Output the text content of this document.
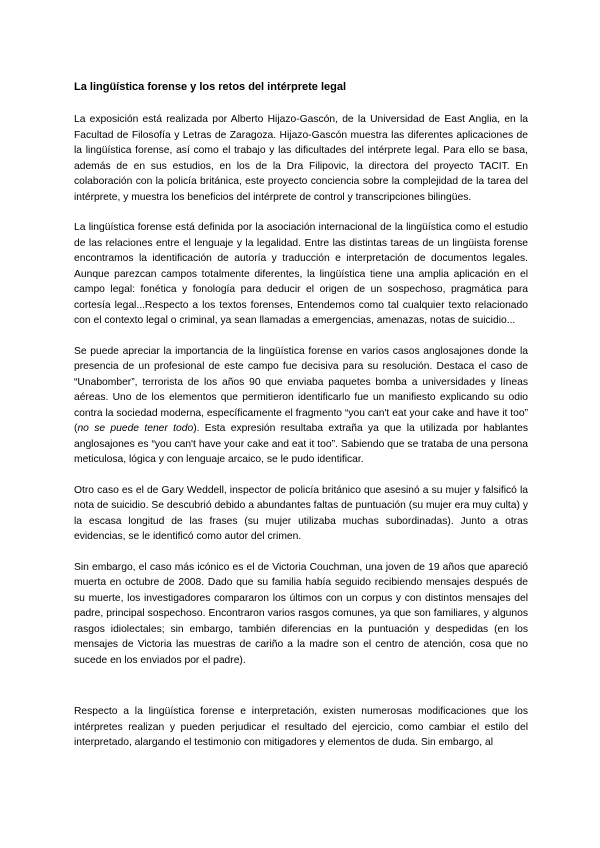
La lingüística forense y los retos del intérprete legal

La exposición está realizada por Alberto Hijazo-Gascón, de la Universidad de East Anglia, en la Facultad de Filosofía y Letras de Zaragoza. Hijazo-Gascón muestra las diferentes aplicaciones de la lingüística forense, así como el trabajo y las dificultades del intérprete legal. Para ello se basa, además de en sus estudios, en los de la Dra Filipovic, la directora del proyecto TACIT. En colaboración con la policía británica, este proyecto conciencia sobre la complejidad de la tarea del intérprete, y muestra los beneficios del intérprete de control y transcripciones bilingües.

La lingüística forense está definida por la asociación internacional de la lingüística como el estudio de las relaciones entre el lenguaje y la legalidad. Entre las distintas tareas de un lingüista forense encontramos la identificación de autoría y traducción e interpretación de documentos legales. Aunque parezcan campos totalmente diferentes, la lingüística tiene una amplia aplicación en el campo legal: fonética y fonología para deducir el origen de un sospechoso, pragmática para cortesía legal...Respecto a los textos forenses, Entendemos como tal cualquier texto relacionado con el contexto legal o criminal, ya sean llamadas a emergencias, amenazas, notas de suicidio...

Se puede apreciar la importancia de la lingüística forense en varios casos anglosajones donde la presencia de un profesional de este campo fue decisiva para su resolución. Destaca el caso de “Unabomber”, terrorista de los años 90 que enviaba paquetes bomba a universidades y líneas aéreas. Uno de los elementos que permitieron identificarlo fue un manifiesto explicando su odio contra la sociedad moderna, específicamente el fragmento “you can't eat your cake and have it too” (no se puede tener todo). Esta expresión resultaba extraña ya que la utilizada por hablantes anglosajones es “you can't have your cake and eat it too”. Sabiendo que se trataba de una persona meticulosa, lógica y con lenguaje arcaico, se le pudo identificar.

Otro caso es el de Gary Weddell, inspector de policía británico que asesinó a su mujer y falsificó la nota de suicidio. Se descubrió debido a abundantes faltas de puntuación (su mujer era muy culta) y la escasa longitud de las frases (su mujer utilizaba muchas subordinadas). Junto a otras evidencias, se le identificó como autor del crimen.

Sin embargo, el caso más icónico es el de Victoria Couchman, una joven de 19 años que apareció muerta en octubre de 2008. Dado que su familia había seguido recibiendo mensajes después de su muerte, los investigadores compararon los últimos con un corpus y con distintos mensajes del padre, principal sospechoso. Encontraron varios rasgos comunes, ya que son familiares, y algunos rasgos idiolectales; sin embargo, también diferencias en la puntuación y despedidas (en los mensajes de Victoria las muestras de cariño a la madre son el centro de atención, cosa que no sucede en los enviados por el padre).

Respecto a la lingüística forense e interpretación, existen numerosas modificaciones que los intérpretes realizan y pueden perjudicar el resultado del ejercicio, como cambiar el estilo del interpretado, alargando el testimonio con mitigadores y elementos de duda. Sin embargo, al
